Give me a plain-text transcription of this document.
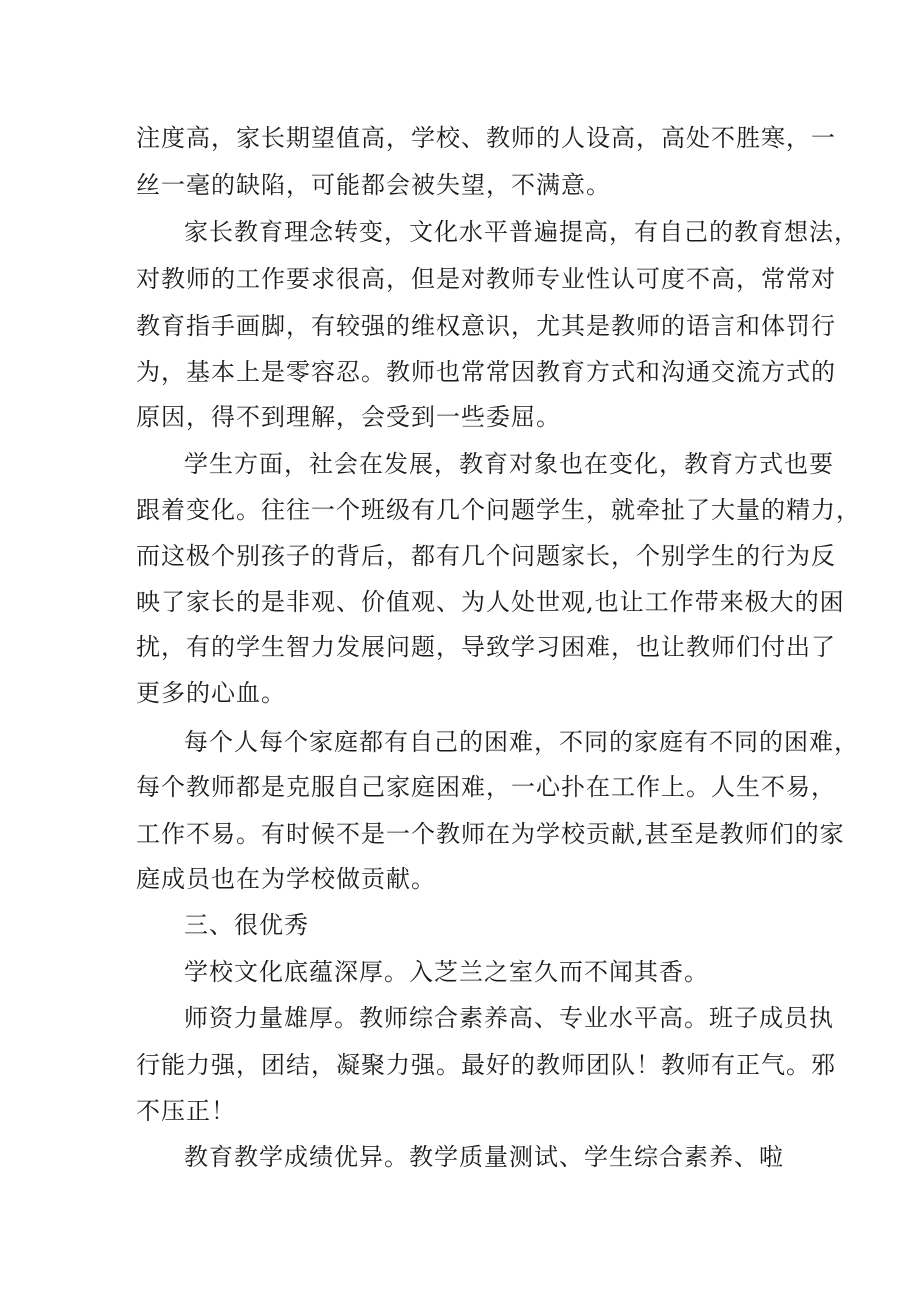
注度高，家长期望值高，学校、教师的人设高，高处不胜寒，一

丝一毫的缺陷，可能都会被失望，不满意。

家长教育理念转变，文化水平普遍提高，有自己的教育想法，

对教师的工作要求很高，但是对教师专业性认可度不高，常常对

教育指手画脚，有较强的维权意识，尤其是教师的语言和体罚行

为，基本上是零容忍。教师也常常因教育方式和沟通交流方式的

原因，得不到理解，会受到一些委屈。

学生方面，社会在发展，教育对象也在变化，教育方式也要

跟着变化。往往一个班级有几个问题学生，就牵扯了大量的精力，

而这极个别孩子的背后，都有几个问题家长，个别学生的行为反

映了家长的是非观、价值观、为人处世观,也让工作带来极大的困

扰，有的学生智力发展问题，导致学习困难，也让教师们付出了

更多的心血。

每个人每个家庭都有自己的困难，不同的家庭有不同的困难，

每个教师都是克服自己家庭困难，一心扑在工作上。人生不易，

工作不易。有时候不是一个教师在为学校贡献,甚至是教师们的家

庭成员也在为学校做贡献。

三、很优秀

学校文化底蕴深厚。入芝兰之室久而不闻其香。

师资力量雄厚。教师综合素养高、专业水平高。班子成员执

行能力强，团结，凝聚力强。最好的教师团队！教师有正气。邪

不压正！

教育教学成绩优异。教学质量测试、学生综合素养、啦
